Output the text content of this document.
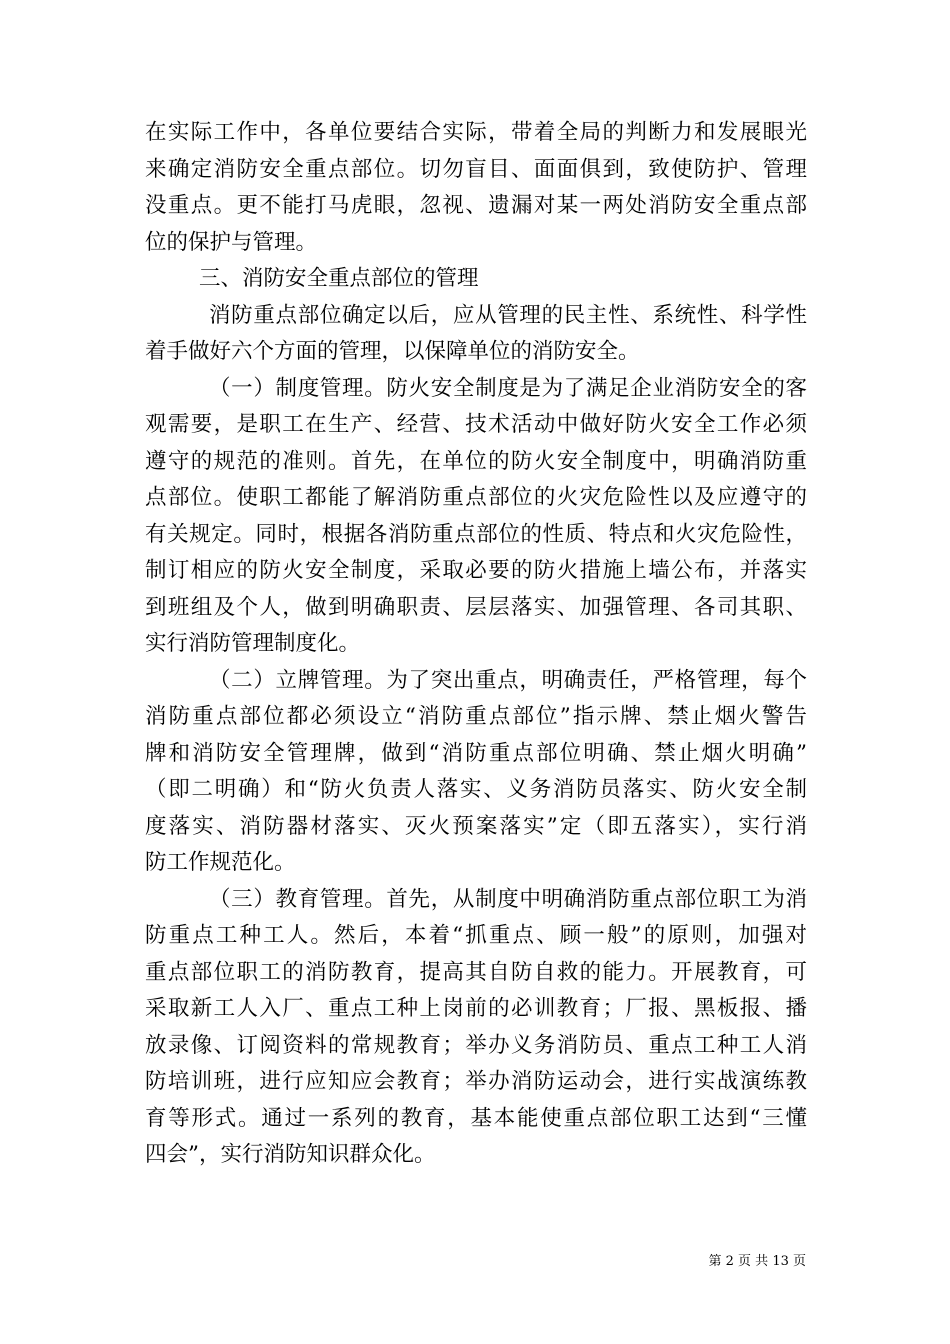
在实际工作中，各单位要结合实际，带着全局的判断力和发展眼光
来确定消防安全重点部位。切勿盲目、面面俱到，致使防护、管理
没重点。更不能打马虎眼，忽视、遗漏对某一两处消防安全重点部
位的保护与管理。

三、消防安全重点部位的管理

消防重点部位确定以后，应从管理的民主性、系统性、科学性
着手做好六个方面的管理，以保障单位的消防安全。

（一）制度管理。防火安全制度是为了满足企业消防安全的客
观需要，是职工在生产、经营、技术活动中做好防火安全工作必须
遵守的规范的准则。首先，在单位的防火安全制度中，明确消防重
点部位。使职工都能了解消防重点部位的火灾危险性以及应遵守的
有关规定。同时，根据各消防重点部位的性质、特点和火灾危险性，
制订相应的防火安全制度，采取必要的防火措施上墙公布，并落实
到班组及个人，做到明确职责、层层落实、加强管理、各司其职、
实行消防管理制度化。

（二）立牌管理。为了突出重点，明确责任，严格管理，每个
消防重点部位都必须设立“消防重点部位”指示牌、禁止烟火警告
牌和消防安全管理牌，做到“消防重点部位明确、禁止烟火明确”
（即二明确）和“防火负责人落实、义务消防员落实、防火安全制
度落实、消防器材落实、灭火预案落实”定（即五落实），实行消
防工作规范化。

（三）教育管理。首先，从制度中明确消防重点部位职工为消
防重点工种工人。然后，本着“抓重点、顾一般”的原则，加强对
重点部位职工的消防教育，提高其自防自救的能力。开展教育，可
采取新工人入厂、重点工种上岗前的必训教育；厂报、黑板报、播
放录像、订阅资料的常规教育；举办义务消防员、重点工种工人消
防培训班，进行应知应会教育；举办消防运动会，进行实战演练教
育等形式。通过一系列的教育，基本能使重点部位职工达到“三懂
四会”，实行消防知识群众化。

第 2 页 共 13 页
